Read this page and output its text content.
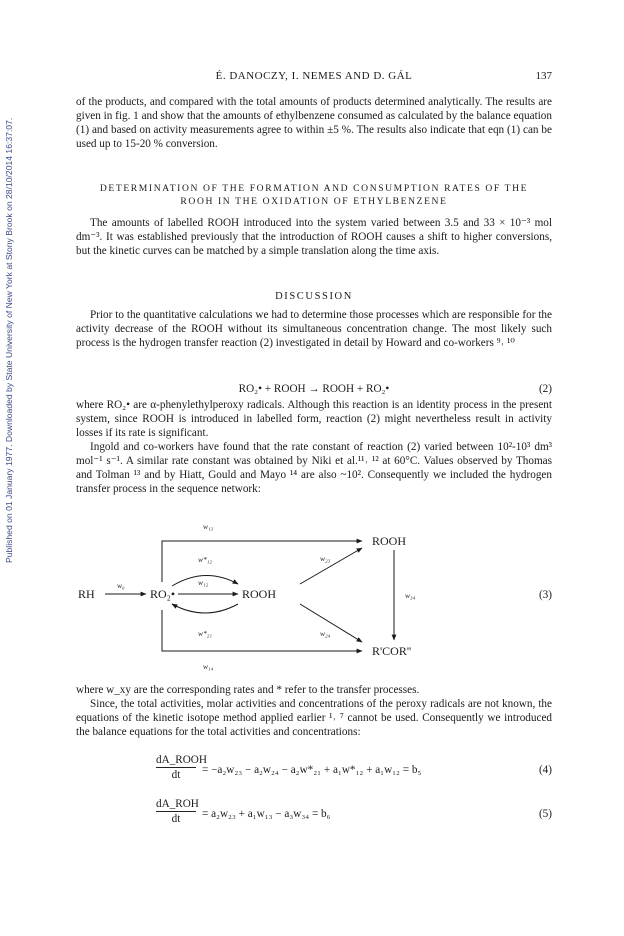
Published on 01 January 1977. Downloaded by State University of New York at Stony Brook on 28/10/2014 16:37:07.
É. DANOCZY, I. NEMES AND D. GÁL	137

of the products, and compared with the total amounts of products determined analytically. The results are given in fig. 1 and show that the amounts of ethylbenzene consumed as calculated by the balance equation (1) and based on activity measurements agree to within ±5 %. The results also indicate that eqn (1) can be used up to 15-20 % conversion.

DETERMINATION OF THE FORMATION AND CONSUMPTION RATES OF THE
ROOH IN THE OXIDATION OF ETHYLBENZENE

The amounts of labelled ROOH introduced into the system varied between 3.5 and 33 × 10⁻³ mol dm⁻³. It was established previously that the introduction of ROOH causes a shift to higher conversions, but the kinetic curves can be matched by a simple translation along the time axis.

DISCUSSION

Prior to the quantitative calculations we had to determine those processes which are responsible for the activity decrease of the ROOH without its simultaneous concentration change. The most likely such process is the hydrogen transfer reaction (2) investigated in detail by Howard and co-workers ⁹˒ ¹⁰

RO₂• + ROOH → ROOH + RO₂•	(2)

where RO₂• are α-phenylethylperoxy radicals. Although this reaction is an identity process in the present system, since ROOH is introduced in labelled form, reaction (2) might nevertheless result in activity losses if its rate is significant.

Ingold and co-workers have found that the rate constant of reaction (2) varied between 10²-10³ dm³ mol⁻¹ s⁻¹. A similar rate constant was obtained by Niki et al.¹¹˒ ¹² at 60°C. Values observed by Thomas and Tolman ¹³ and by Hiatt, Gould and Mayo ¹⁴ are also ~10². Consequently we included the hydrogen transfer process in the sequence network:

RH	RO₂•	ROOH
ROOH
R'COR''
w₁₃
w₀
w*₁₂
w₁₂
w*₂₁
w₂₃
w₂₄
w₃₄
w₁₄
(3)

where w_xy are the corresponding rates and * refer to the transfer processes.

Since, the total activities, molar activities and concentrations of the peroxy radicals are not known, the equations of the kinetic isotope method applied earlier ¹˒ ⁷ cannot be used. Consequently we introduced the balance equations for the total activities and concentrations:

dA_ROOH
dt	= −a₂w₂₃ − a₂w₂₄ − a₂w*₂₁ + a₁w*₁₂ + a₁w₁₂ = b₅	(4)
dA_ROH
dt	= a₂w₂₃ + a₁w₁₃ − a₃w₃₄ = b₆	(5)
